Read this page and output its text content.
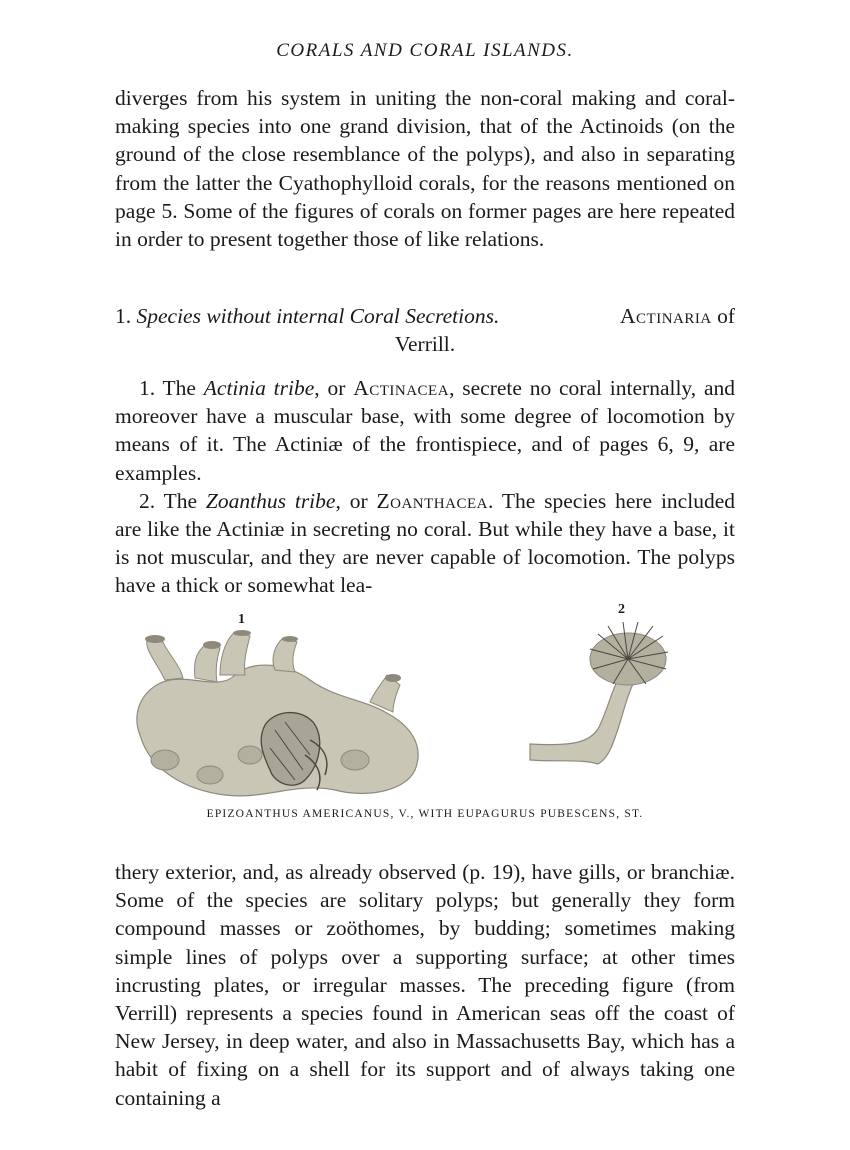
CORALS AND CORAL ISLANDS.

diverges from his system in uniting the non-coral making and coral-making species into one grand division, that of the Actinoids (on the ground of the close resemblance of the polyps), and also in separating from the latter the Cyathophylloid corals, for the reasons mentioned on page 5. Some of the figures of corals on former pages are here repeated in order to present together those of like relations.

1. Species without internal Coral Secretions.	Actinaria of
Verrill.

1. The Actinia tribe, or Actinacea, secrete no coral internally, and moreover have a muscular base, with some degree of locomotion by means of it. The Actiniæ of the frontispiece, and of pages 6, 9, are examples.

2. The Zoanthus tribe, or Zoanthacea. The species here included are like the Actiniæ in secreting no coral. But while they have a base, it is not muscular, and they are never capable of locomotion. The polyps have a thick or somewhat lea-

1
2
EPIZOANTHUS AMERICANUS, V., WITH EUPAGURUS PUBESCENS, ST.

thery exterior, and, as already observed (p. 19), have gills, or branchiæ. Some of the species are solitary polyps; but generally they form compound masses or zoöthomes, by budding; sometimes making simple lines of polyps over a supporting surface; at other times incrusting plates, or irregular masses. The preceding figure (from Verrill) represents a species found in American seas off the coast of New Jersey, in deep water, and also in Massachusetts Bay, which has a habit of fixing on a shell for its support and of always taking one containing a
